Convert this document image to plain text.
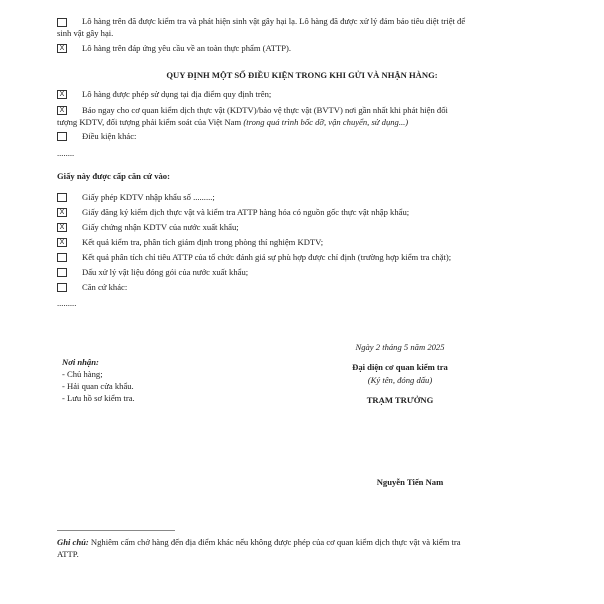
Lô hàng trên đã được kiểm tra và phát hiện sinh vật gây hại lạ. Lô hàng đã được xử lý đảm bảo tiêu diệt triệt để
sinh vật gây hại.
X	Lô hàng trên đáp ứng yêu cầu về an toàn thực phẩm (ATTP).
QUY ĐỊNH MỘT SỐ ĐIỀU KIỆN TRONG KHI GỬI VÀ NHẬN HÀNG:
X	Lô hàng được phép sử dụng tại địa điểm quy định trên;
X	Báo ngay cho cơ quan kiểm dịch thực vật (KDTV)/bảo vệ thực vật (BVTV) nơi gần nhất khi phát hiện đối
tượng KDTV, đối tượng phải kiểm soát của Việt Nam (trong quá trình bốc dỡ, vận chuyển, sử dụng...)
Điều kiện khác:
........
Giấy này được cấp căn cứ vào:
Giấy phép KDTV nhập khẩu số .........;
X	Giấy đăng ký kiểm dịch thực vật và kiểm tra ATTP hàng hóa có nguồn gốc thực vật nhập khẩu;
X	Giấy chứng nhận KDTV của nước xuất khẩu;
X	Kết quả kiểm tra, phân tích giám định trong phòng thí nghiệm KDTV;
Kết quả phân tích chỉ tiêu ATTP của tổ chức đánh giá sự phù hợp được chỉ định (trường hợp kiểm tra chặt);
Dấu xử lý vật liệu đóng gói của nước xuất khẩu;
Căn cứ khác:
.........
Ngày 2 tháng 5 năm 2025
Đại diện cơ quan kiểm tra
(Ký tên, đóng dấu)
TRẠM TRƯỞNG
Nguyễn Tiến Nam
Nơi nhận:
- Chủ hàng;
- Hải quan cửa khẩu.
- Lưu hồ sơ kiểm tra.
Ghi chú: Nghiêm cấm chở hàng đến địa điểm khác nếu không được phép của cơ quan kiểm dịch thực vật và kiểm tra
ATTP.
